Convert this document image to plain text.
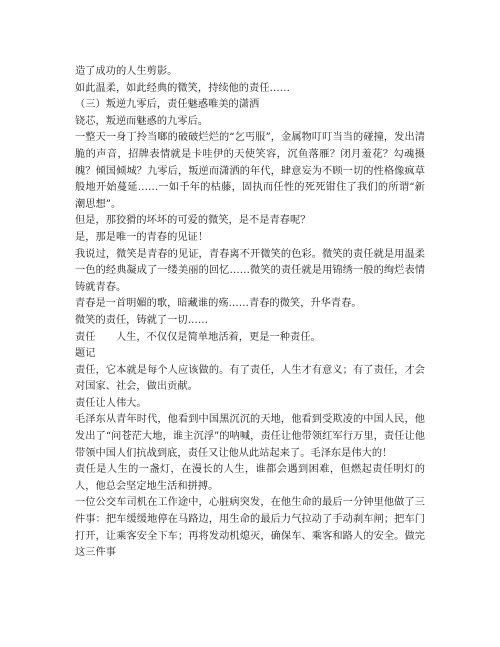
造了成功的人生剪影。

如此温柔，如此经典的微笑，持续他的责任……

（三）叛逆九零后，责任魅惑唯美的潇洒

铙芯，叛逆而魅惑的九零后。

一整天一身丁拎当啷的破破烂烂的“乞丐服”，金属物叮叮当当的碰撞，发出清脆的声音，招牌表情就是卡哇伊的天使笑容，沉鱼落雁？闭月羞花？勾魂摄魄？倾国倾城？九零后，叛逆而潇洒的年代，肆意妄为不顾一切的性格像疯草般地开始蔓延……一如千年的枯藤，固执而任性的死死钳住了我们的所谓“新潮思想”。

但是，那狡猾的坏坏的可爱的微笑，是不是青春呢？

是，那是唯一的青春的见证！

我说过，微笑是青春的见证，青春离不开微笑的色彩。微笑的责任就是用温柔一色的经典凝成了一缕美丽的回忆……微笑的责任就是用锦绣一般的绚烂表情铸就青春。

青春是一首明媚的歌，暗藏谁的殇……青春的微笑，升华青春。

微笑的责任，铸就了一切……

责任　　人生，不仅仅是简单地活着，更是一种责任。

题记

责任，它本就是每个人应该做的。有了责任，人生才有意义；有了责任，才会对国家、社会，做出贡献。

责任让人伟大。

毛泽东从青年时代，他看到中国黑沉沉的天地，他看到受欺凌的中国人民，他发出了“问苍茫大地，谁主沉浮”的呐喊，责任让他带领红军行万里，责任让他带领中国人们抗战到底，责任又让他从此站起来了。毛泽东是伟大的！

责任是人生的一盏灯，在漫长的人生，谁都会遇到困难，但燃起责任明灯的人，他总会坚定地生活和拼搏。

一位公交车司机在工作途中，心脏病突发，在他生命的最后一分钟里他做了三件事：把车缓缓地停在马路边，用生命的最后力气拉动了手动刹车闸；把车门打开，让乘客安全下车；再将发动机熄灭，确保车、乘客和路人的安全。做完这三件事
